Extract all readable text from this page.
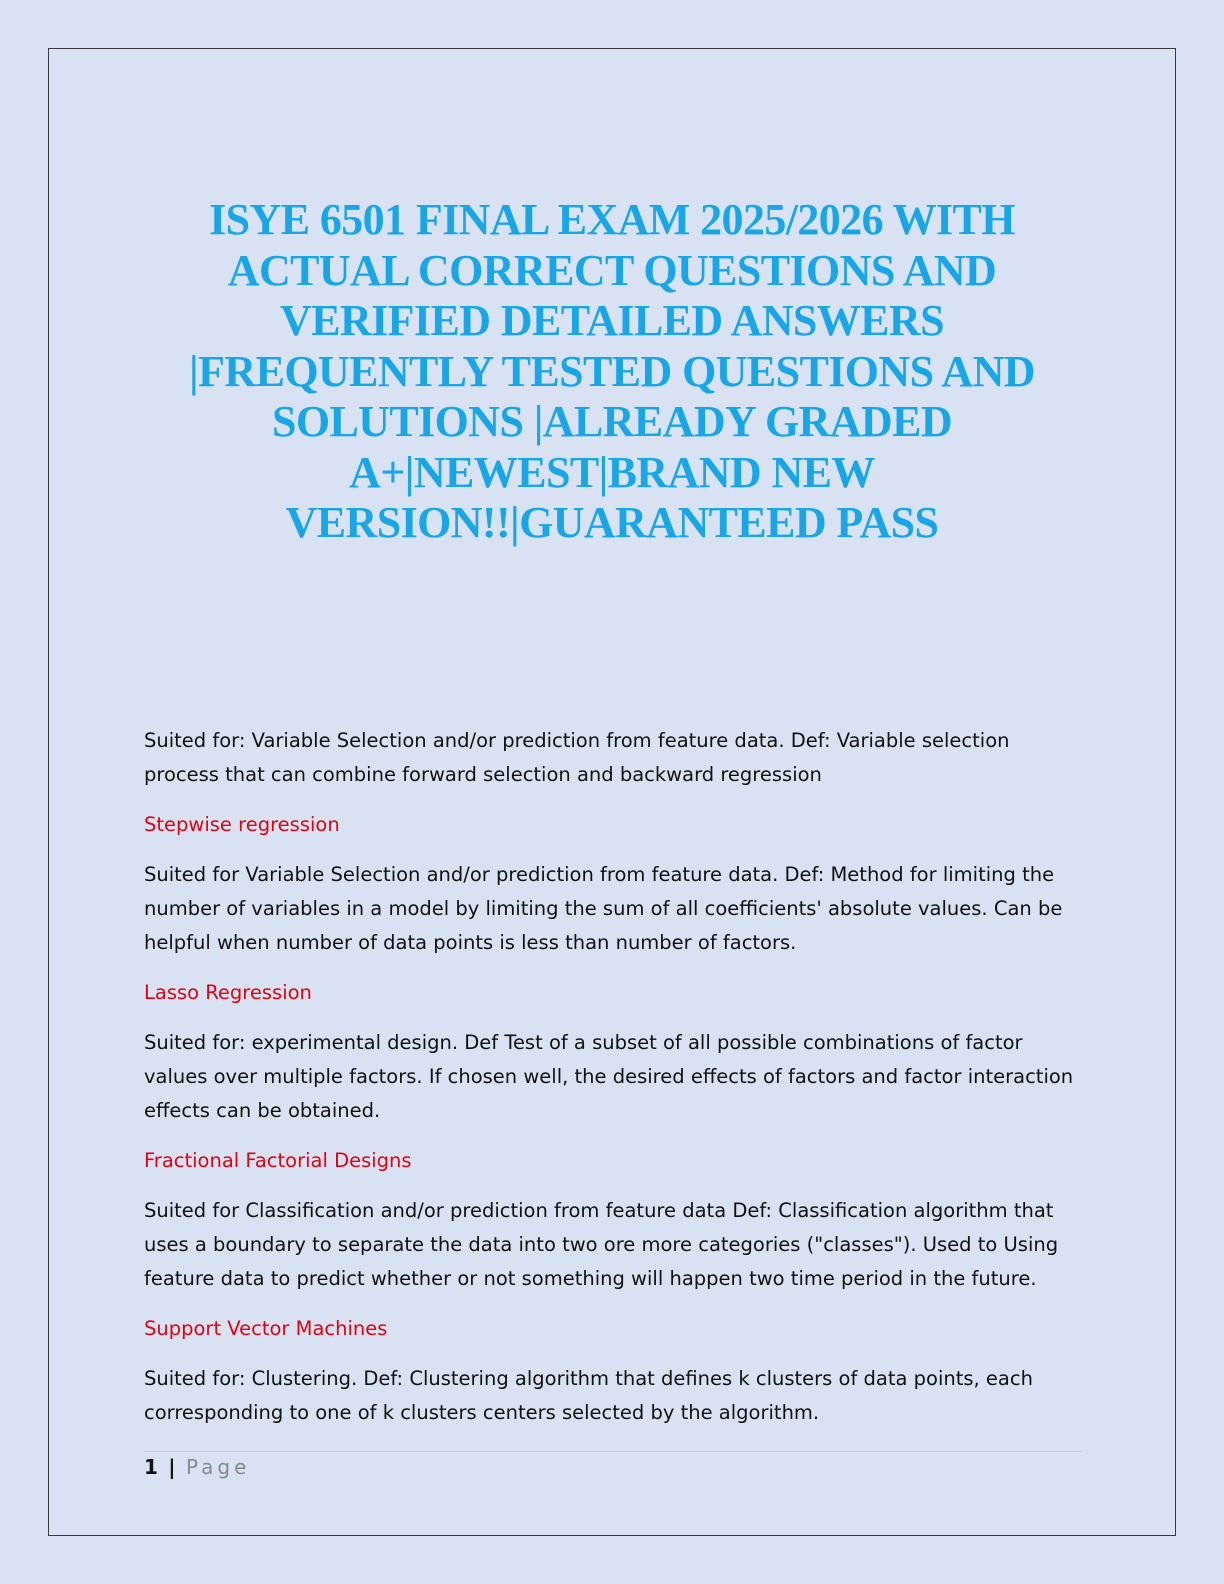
ISYE 6501 FINAL EXAM 2025/2026 WITH ACTUAL CORRECT QUESTIONS AND VERIFIED DETAILED ANSWERS |FREQUENTLY TESTED QUESTIONS AND SOLUTIONS |ALREADY GRADED A+|NEWEST|BRAND NEW VERSION!!|GUARANTEED PASS

Suited for: Variable Selection and/or prediction from feature data. Def: Variable selection process that can combine forward selection and backward regression

Stepwise regression

Suited for Variable Selection and/or prediction from feature data. Def: Method for limiting the number of variables in a model by limiting the sum of all coefficients' absolute values. Can be helpful when number of data points is less than number of factors.

Lasso Regression

Suited for: experimental design. Def Test of a subset of all possible combinations of factor values over multiple factors. If chosen well, the desired effects of factors and factor interaction effects can be obtained.

Fractional Factorial Designs

Suited for Classification and/or prediction from feature data Def: Classification algorithm that uses a boundary to separate the data into two ore more categories ("classes"). Used to Using feature data to predict whether or not something will happen two time period in the future.

Support Vector Machines

Suited for: Clustering. Def: Clustering algorithm that defines k clusters of data points, each corresponding to one of k clusters centers selected by the algorithm.

1 | Page
